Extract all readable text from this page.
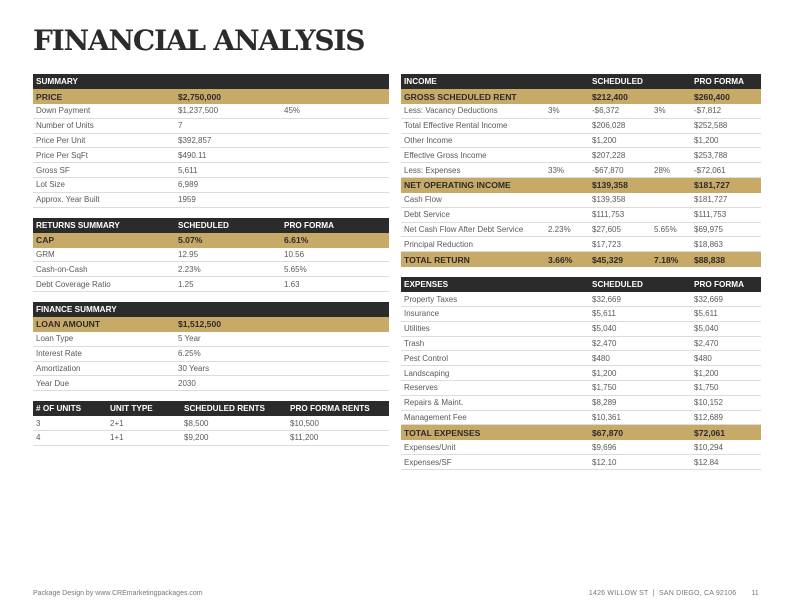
FINANCIAL ANALYSIS
SUMMARY
PRICE	$2,750,000
Down Payment	$1,237,500	45%
Number of Units	7
Price Per Unit	$392,857
Price Per SqFt	$490.11
Gross SF	5,611
Lot Size	6,989
Approx. Year Built	1959
RETURNS SUMMARY	SCHEDULED	PRO FORMA
CAP	5.07%	6.61%
GRM	12.95	10.56
Cash-on-Cash	2.23%	5.65%
Debt Coverage Ratio	1.25	1.63
FINANCE SUMMARY
LOAN AMOUNT	$1,512,500
Loan Type	5 Year
Interest Rate	6.25%
Amortization	30 Years
Year Due	2030
# OF UNITS	UNIT TYPE	SCHEDULED RENTS	PRO FORMA RENTS
3	2+1	$8,500	$10,500
4	1+1	$9,200	$11,200
INCOME	SCHEDULED	PRO FORMA
GROSS SCHEDULED RENT	$212,400	$260,400
Less: Vacancy Deductions	3%	-$6,372	3%	-$7,812
Total Effective Rental Income	$206,028	$252,588
Other Income	$1,200	$1,200
Effective Gross Income	$207,228	$253,788
Less: Expenses	33%	-$67,870	28%	-$72,061
NET OPERATING INCOME	$139,358	$181,727
Cash Flow	$139,358	$181,727
Debt Service	$111,753	$111,753
Net Cash Flow After Debt Service	2.23%	$27,605	5.65%	$69,975
Principal Reduction	$17,723	$18,863
TOTAL RETURN	3.66%	$45,329	7.18%	$88,838
EXPENSES	SCHEDULED	PRO FORMA
Property Taxes	$32,669	$32,669
Insurance	$5,611	$5,611
Utilities	$5,040	$5,040
Trash	$2,470	$2,470
Pest Control	$480	$480
Landscaping	$1,200	$1,200
Reserves	$1,750	$1,750
Repairs & Maint.	$8,289	$10,152
Management Fee	$10,361	$12,689
TOTAL EXPENSES	$67,870	$72,061
Expenses/Unit	$9,696	$10,294
Expenses/SF	$12.10	$12.84
Package Design by www.CREmarketingpackages.com	1426 WILLOW ST  |  SAN DIEGO, CA 92106       11
